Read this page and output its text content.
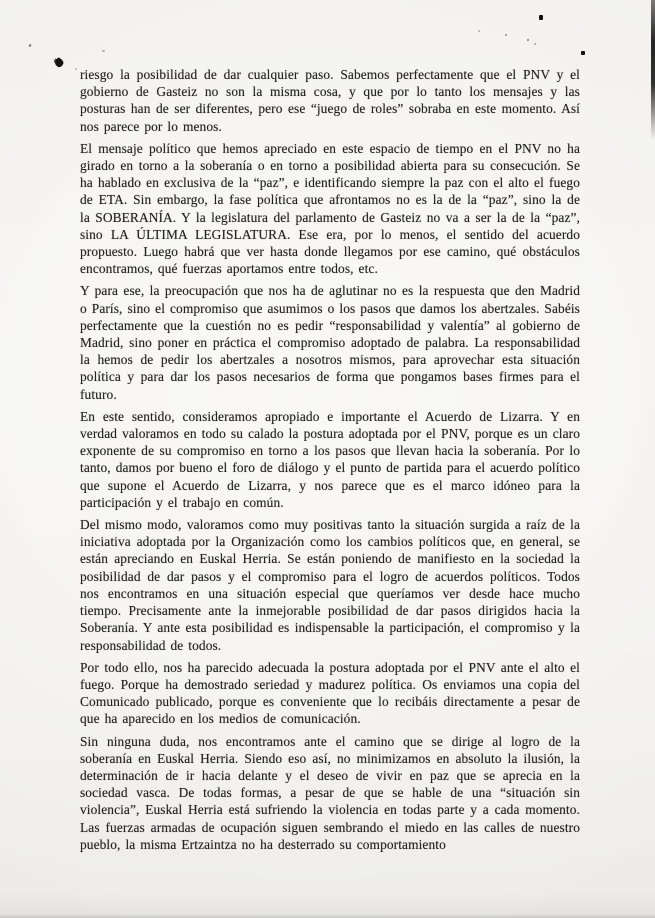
riesgo la posibilidad de dar cualquier paso. Sabemos perfectamente que el PNV y el gobierno de Gasteiz no son la misma cosa, y que por lo tanto los mensajes y las posturas han de ser diferentes, pero ese “juego de roles” sobraba en este momento. Así nos parece por lo menos.

El mensaje político que hemos apreciado en este espacio de tiempo en el PNV no ha girado en torno a la soberanía o en torno a posibilidad abierta para su consecución. Se ha hablado en exclusiva de la “paz”, e identificando siempre la paz con el alto el fuego de ETA. Sin embargo, la fase política que afrontamos no es la de la “paz”, sino la de la SOBERANÍA. Y la legislatura del parlamento de Gasteiz no va a ser la de la “paz”, sino LA ÚLTIMA LEGISLATURA. Ese era, por lo menos, el sentido del acuerdo propuesto. Luego habrá que ver hasta donde llegamos por ese camino, qué obstáculos encontramos, qué fuerzas aportamos entre todos, etc.

Y para ese, la preocupación que nos ha de aglutinar no es la respuesta que den Madrid o París, sino el compromiso que asumimos o los pasos que damos los abertzales. Sabéis perfectamente que la cuestión no es pedir “responsabilidad y valentía” al gobierno de Madrid, sino poner en práctica el compromiso adoptado de palabra. La responsabilidad la hemos de pedir los abertzales a nosotros mismos, para aprovechar esta situación política y para dar los pasos necesarios de forma que pongamos bases firmes para el futuro.

En este sentido, consideramos apropiado e importante el Acuerdo de Lizarra. Y en verdad valoramos en todo su calado la postura adoptada por el PNV, porque es un claro exponente de su compromiso en torno a los pasos que llevan hacia la soberanía. Por lo tanto, damos por bueno el foro de diálogo y el punto de partida para el acuerdo político que supone el Acuerdo de Lizarra, y nos parece que es el marco idóneo para la participación y el trabajo en común.

Del mismo modo, valoramos como muy positivas tanto la situación surgida a raíz de la iniciativa adoptada por la Organización como los cambios políticos que, en general, se están apreciando en Euskal Herria. Se están poniendo de manifiesto en la sociedad la posibilidad de dar pasos y el compromiso para el logro de acuerdos políticos. Todos nos encontramos en una situación especial que queríamos ver desde hace mucho tiempo. Precisamente ante la inmejorable posibilidad de dar pasos dirigidos hacia la Soberanía. Y ante esta posibilidad es indispensable la participación, el compromiso y la responsabilidad de todos.

Por todo ello, nos ha parecido adecuada la postura adoptada por el PNV ante el alto el fuego. Porque ha demostrado seriedad y madurez política. Os enviamos una copia del Comunicado publicado, porque es conveniente que lo recibáis directamente a pesar de que ha aparecido en los medios de comunicación.

Sin ninguna duda, nos encontramos ante el camino que se dirige al logro de la soberanía en Euskal Herria. Siendo eso así, no minimizamos en absoluto la ilusión, la determinación de ir hacia delante y el deseo de vivir en paz que se aprecia en la sociedad vasca. De todas formas, a pesar de que se hable de una “situación sin violencia”, Euskal Herria está sufriendo la violencia en todas parte y a cada momento. Las fuerzas armadas de ocupación siguen sembrando el miedo en las calles de nuestro pueblo, la misma Ertzaintza no ha desterrado su comportamiento
